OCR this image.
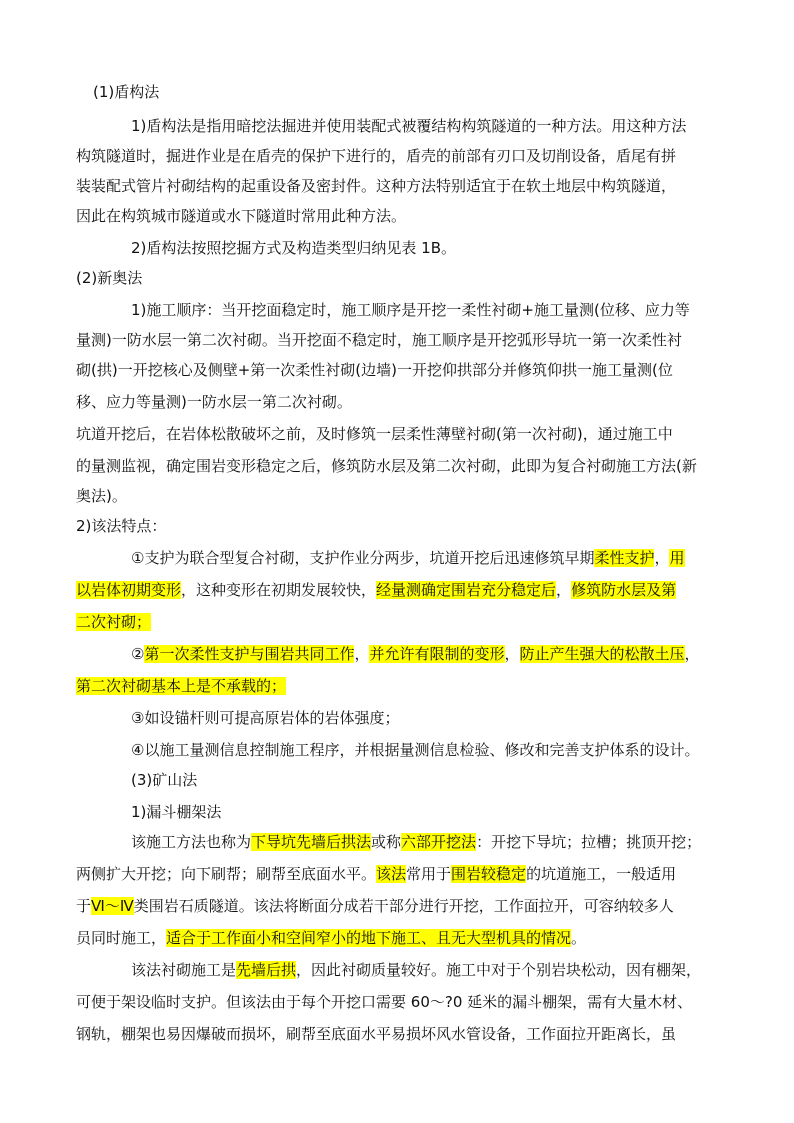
(1)盾构法
1)盾构法是指用暗挖法掘进并使用装配式被覆结构构筑隧道的一种方法。用这种方法
构筑隧道时，掘进作业是在盾壳的保护下进行的，盾壳的前部有刃口及切削设备，盾尾有拼
装装配式管片衬砌结构的起重设备及密封件。这种方法特别适宜于在软土地层中构筑隧道，
因此在构筑城市隧道或水下隧道时常用此种方法。
2)盾构法按照挖掘方式及构造类型归纳见表 1B。
(2)新奥法
1)施工顺序：当开挖面稳定时，施工顺序是开挖一柔性衬砌+施工量测(位移、应力等
量测)一防水层一第二次衬砌。当开挖面不稳定时，施工顺序是开挖弧形导坑一第一次柔性衬
砌(拱)一开挖核心及侧壁+第一次柔性衬砌(边墙)一开挖仰拱部分并修筑仰拱一施工量测(位
移、应力等量测)一防水层一第二次衬砌。
坑道开挖后，在岩体松散破坏之前，及时修筑一层柔性薄壁衬砌(第一次衬砌)，通过施工中
的量测监视，确定围岩变形稳定之后，修筑防水层及第二次衬砌，此即为复合衬砌施工方法(新
奥法)。
2)该法特点：
①支护为联合型复合衬砌，支护作业分两步，坑道开挖后迅速修筑早期柔性支护，用
以岩体初期变形，这种变形在初期发展较快，经量测确定围岩充分稳定后，修筑防水层及第
二次衬砌；
②第一次柔性支护与围岩共同工作，并允许有限制的变形，防止产生强大的松散土压，
第二次衬砌基本上是不承载的；
③如设锚杆则可提高原岩体的岩体强度；
④以施工量测信息控制施工程序，并根据量测信息检验、修改和完善支护体系的设计。
(3)矿山法
1)漏斗棚架法
该施工方法也称为下导坑先墙后拱法或称六部开挖法：开挖下导坑；拉槽；挑顶开挖；
两侧扩大开挖；向下刷帮；刷帮至底面水平。该法常用于围岩较稳定的坑道施工，一般适用
于Ⅵ～Ⅳ类围岩石质隧道。该法将断面分成若干部分进行开挖，工作面拉开，可容纳较多人
员同时施工，适合于工作面小和空间窄小的地下施工、且无大型机具的情况。
该法衬砌施工是先墙后拱，因此衬砌质量较好。施工中对于个别岩块松动，因有棚架，
可便于架设临时支护。但该法由于每个开挖口需要 60～?0 延米的漏斗棚架，需有大量木材、
钢轨，棚架也易因爆破而损坏，刷帮至底面水平易损坏风水管设备，工作面拉开距离长，虽
